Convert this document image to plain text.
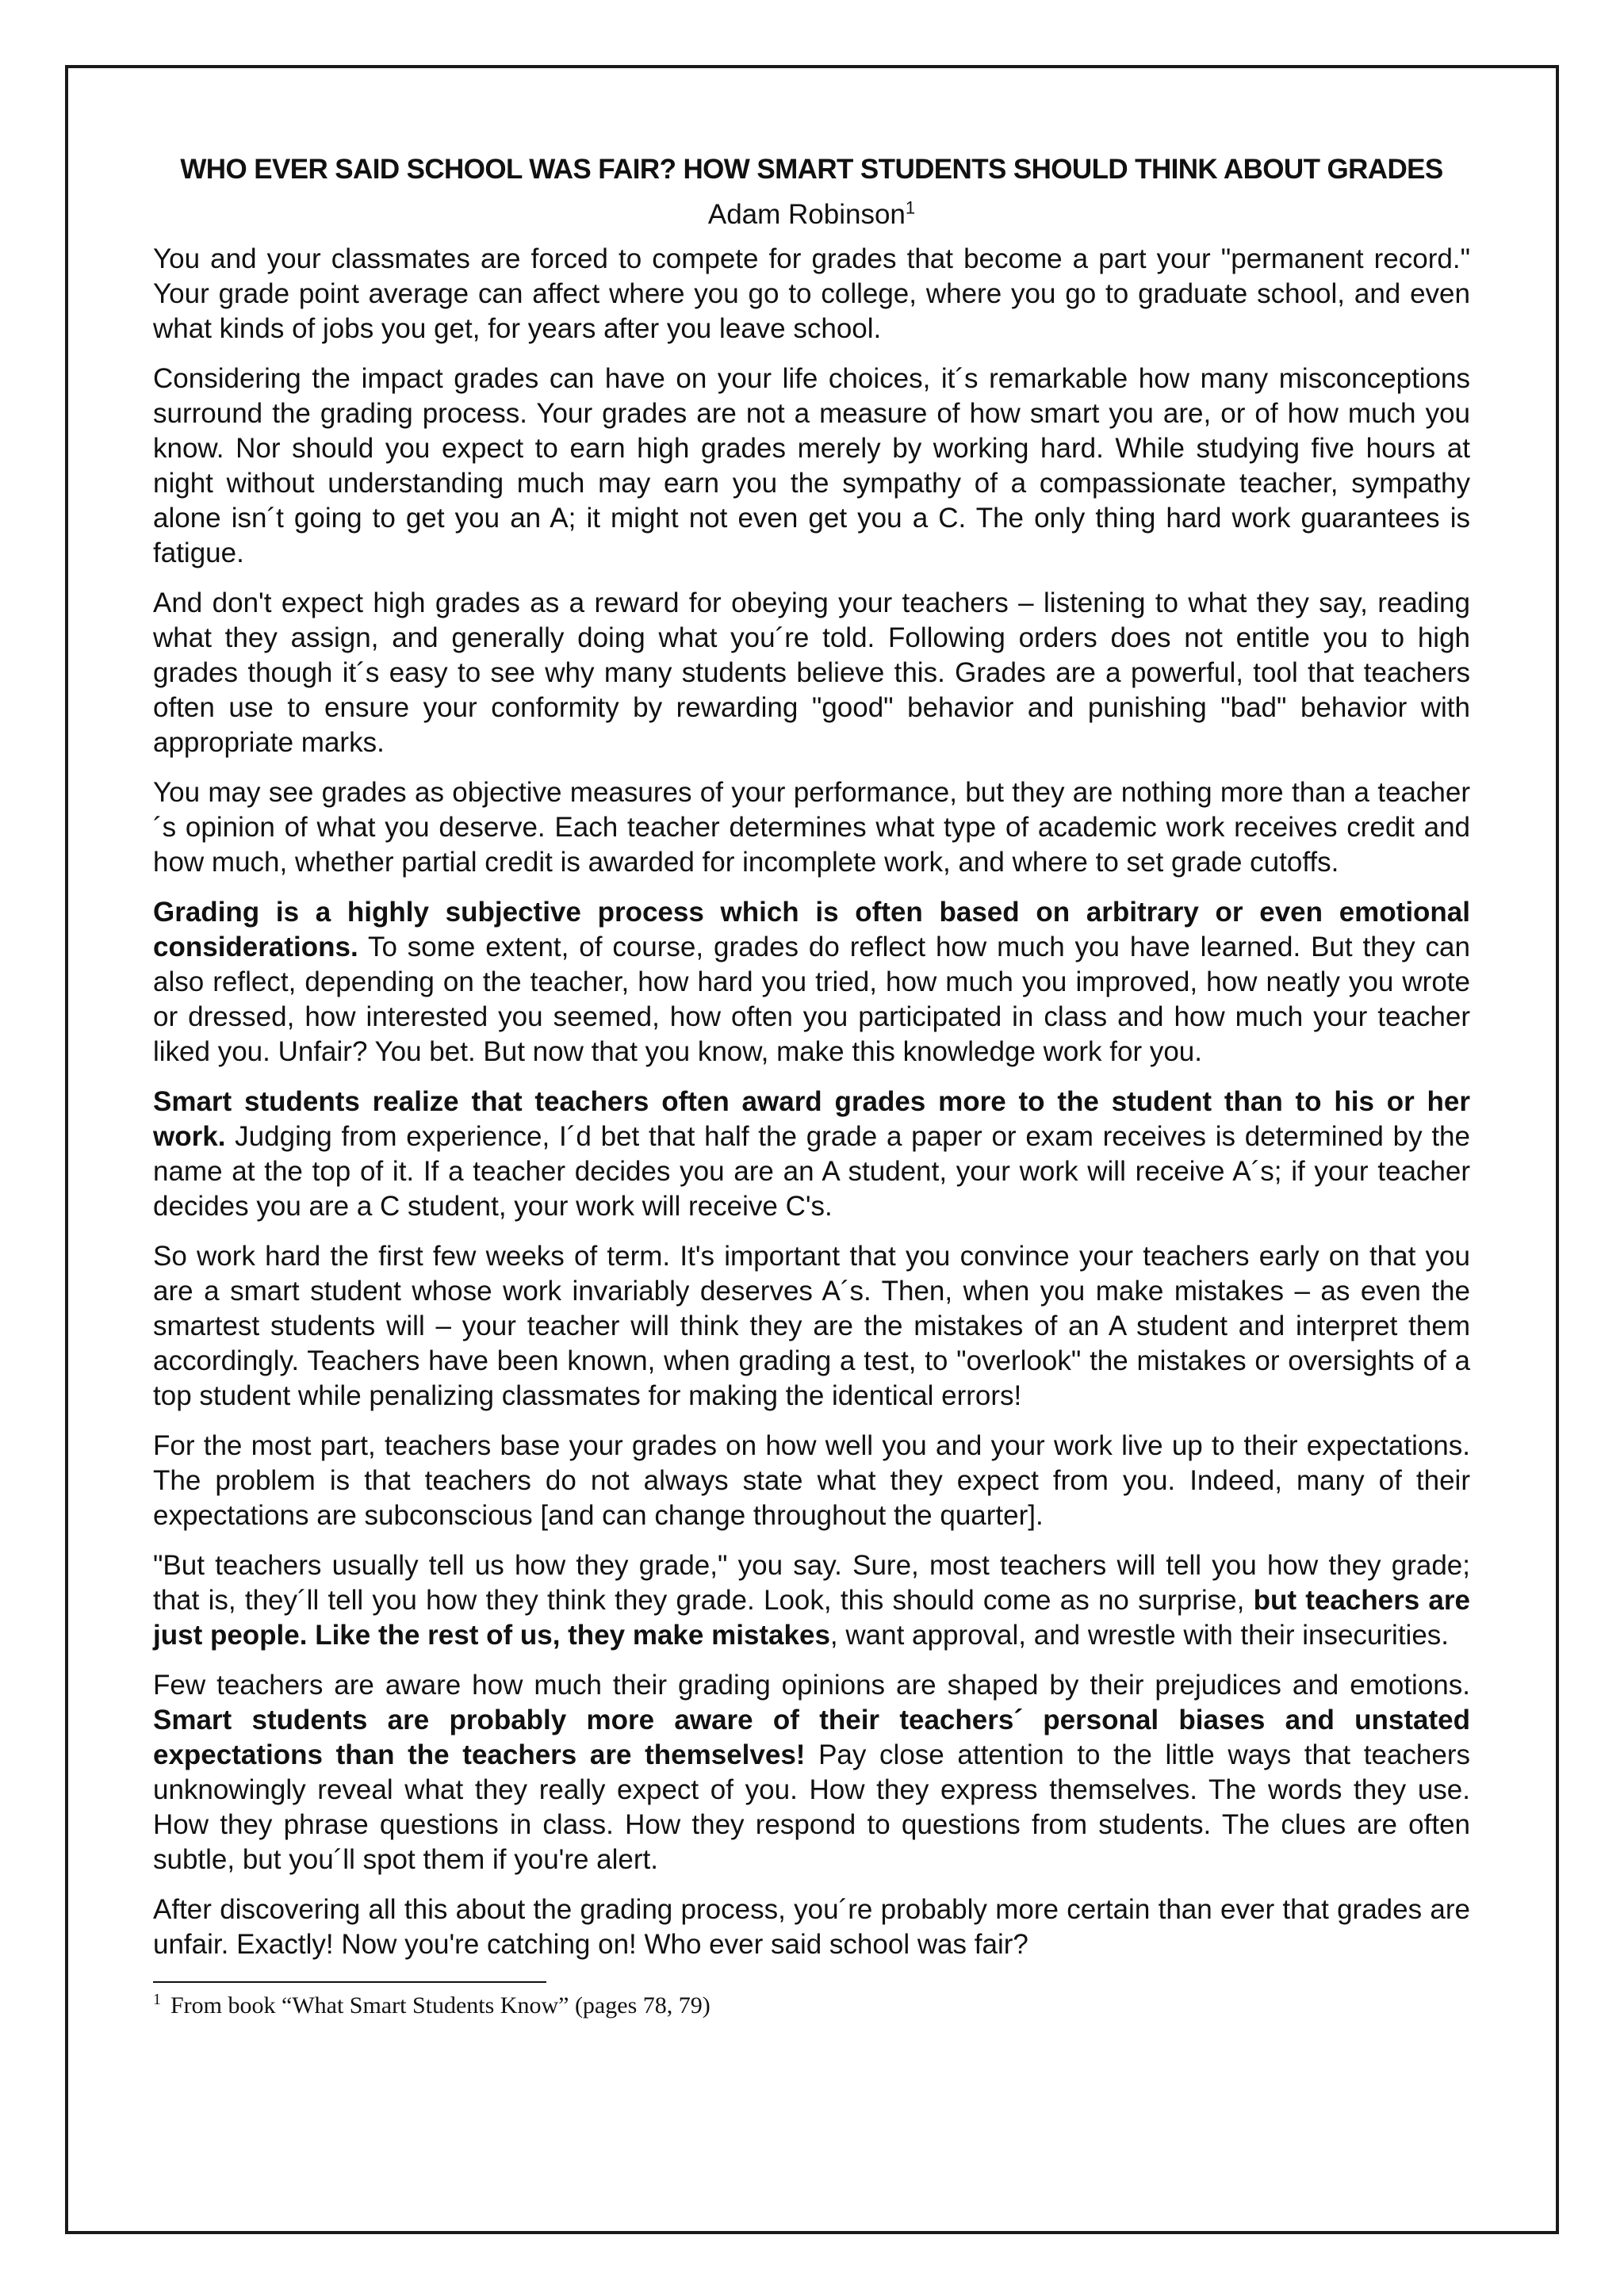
WHO EVER SAID SCHOOL WAS FAIR? HOW SMART STUDENTS SHOULD THINK ABOUT GRADES
Adam Robinson$^1$

You and your classmates are forced to compete for grades that become a part your "permanent record." Your grade point average can affect where you go to college, where you go to graduate school, and even what kinds of jobs you get, for years after you leave school.

Considering the impact grades can have on your life choices, it´s remarkable how many misconceptions surround the grading process. Your grades are not a measure of how smart you are, or of how much you know. Nor should you expect to earn high grades merely by working hard. While studying five hours at night without understanding much may earn you the sympathy of a compassionate teacher, sympathy alone isn´t going to get you an A; it might not even get you a C. The only thing hard work guarantees is fatigue.

And don't expect high grades as a reward for obeying your teachers – listening to what they say, reading what they assign, and generally doing what you´re told. Following orders does not entitle you to high grades though it´s easy to see why many students believe this. Grades are a powerful, tool that teachers often use to ensure your conformity by rewarding "good" behavior and punishing "bad" behavior with appropriate marks.

You may see grades as objective measures of your performance, but they are nothing more than a teacher´s opinion of what you deserve. Each teacher determines what type of academic work receives credit and how much, whether partial credit is awarded for incomplete work, and where to set grade cutoffs.

Grading is a highly subjective process which is often based on arbitrary or even emotional considerations. To some extent, of course, grades do reflect how much you have learned. But they can also reflect, depending on the teacher, how hard you tried, how much you improved, how neatly you wrote or dressed, how interested you seemed, how often you participated in class and how much your teacher liked you. Unfair? You bet. But now that you know, make this knowledge work for you.

Smart students realize that teachers often award grades more to the student than to his or her work. Judging from experience, I´d bet that half the grade a paper or exam receives is determined by the name at the top of it. If a teacher decides you are an A student, your work will receive A´s; if your teacher decides you are a C student, your work will receive C's.

So work hard the first few weeks of term. It's important that you convince your teachers early on that you are a smart student whose work invariably deserves A´s. Then, when you make mistakes – as even the smartest students will – your teacher will think they are the mistakes of an A student and interpret them accordingly. Teachers have been known, when grading a test, to "overlook" the mistakes or oversights of a top student while penalizing classmates for making the identical errors!

For the most part, teachers base your grades on how well you and your work live up to their expectations. The problem is that teachers do not always state what they expect from you. Indeed, many of their expectations are subconscious [and can change throughout the quarter].

"But teachers usually tell us how they grade," you say. Sure, most teachers will tell you how they grade; that is, they´ll tell you how they think they grade. Look, this should come as no surprise, but teachers are just people. Like the rest of us, they make mistakes, want approval, and wrestle with their insecurities.

Few teachers are aware how much their grading opinions are shaped by their prejudices and emotions. Smart students are probably more aware of their teachers´ personal biases and unstated expectations than the teachers are themselves! Pay close attention to the little ways that teachers unknowingly reveal what they really expect of you. How they express themselves. The words they use. How they phrase questions in class. How they respond to questions from students. The clues are often subtle, but you´ll spot them if you're alert.

After discovering all this about the grading process, you´re probably more certain than ever that grades are unfair. Exactly! Now you're catching on! Who ever said school was fair?

$^1$ From book “What Smart Students Know” (pages 78, 79)
